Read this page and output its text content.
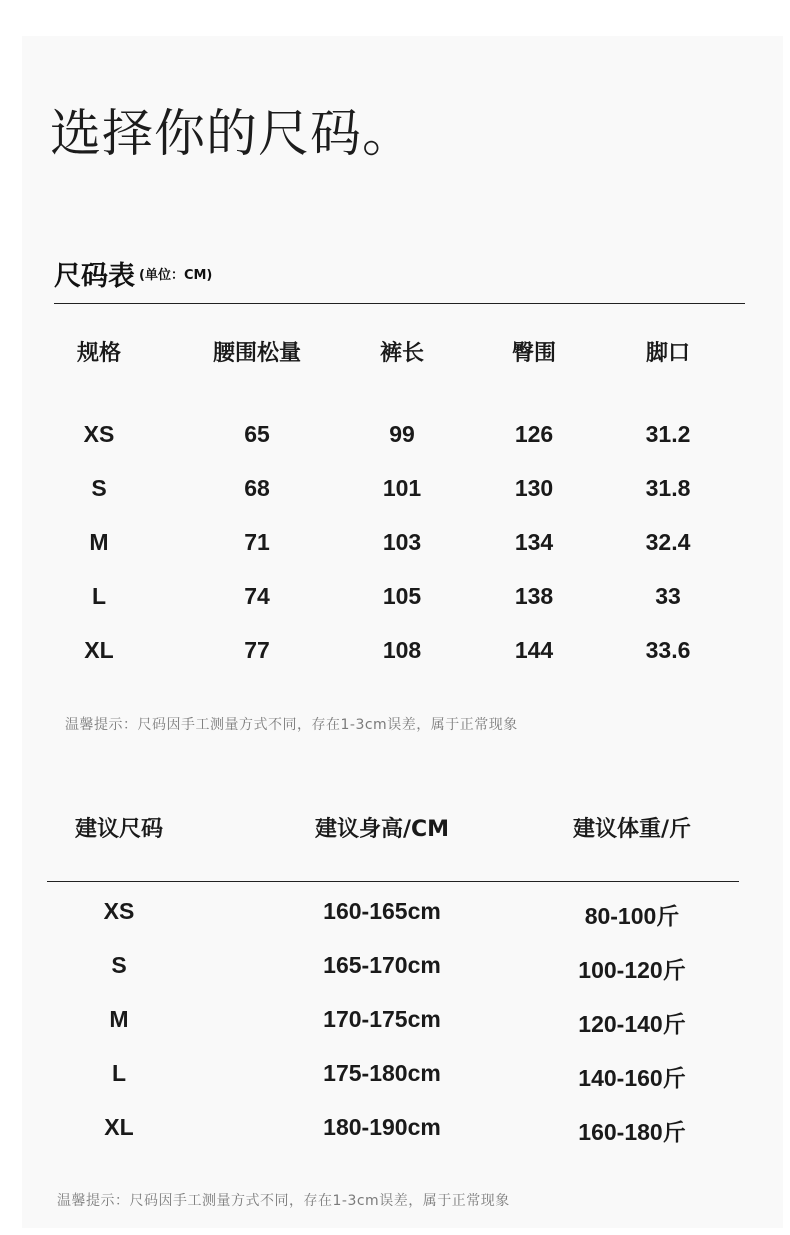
选择你的尺码。
尺码表 (单位：CM)
规格	腰围松量	裤长	臀围	脚口
XS	65	99	126	31.2
S	68	101	130	31.8
M	71	103	134	32.4
L	74	105	138	33
XL	77	108	144	33.6
温馨提示：尺码因手工测量方式不同，存在1-3cm误差，属于正常现象
建议尺码	建议身高/CM	建议体重/斤
XS	160-165cm	80-100斤
S	165-170cm	100-120斤
M	170-175cm	120-140斤
L	175-180cm	140-160斤
XL	180-190cm	160-180斤
温馨提示：尺码因手工测量方式不同，存在1-3cm误差，属于正常现象
